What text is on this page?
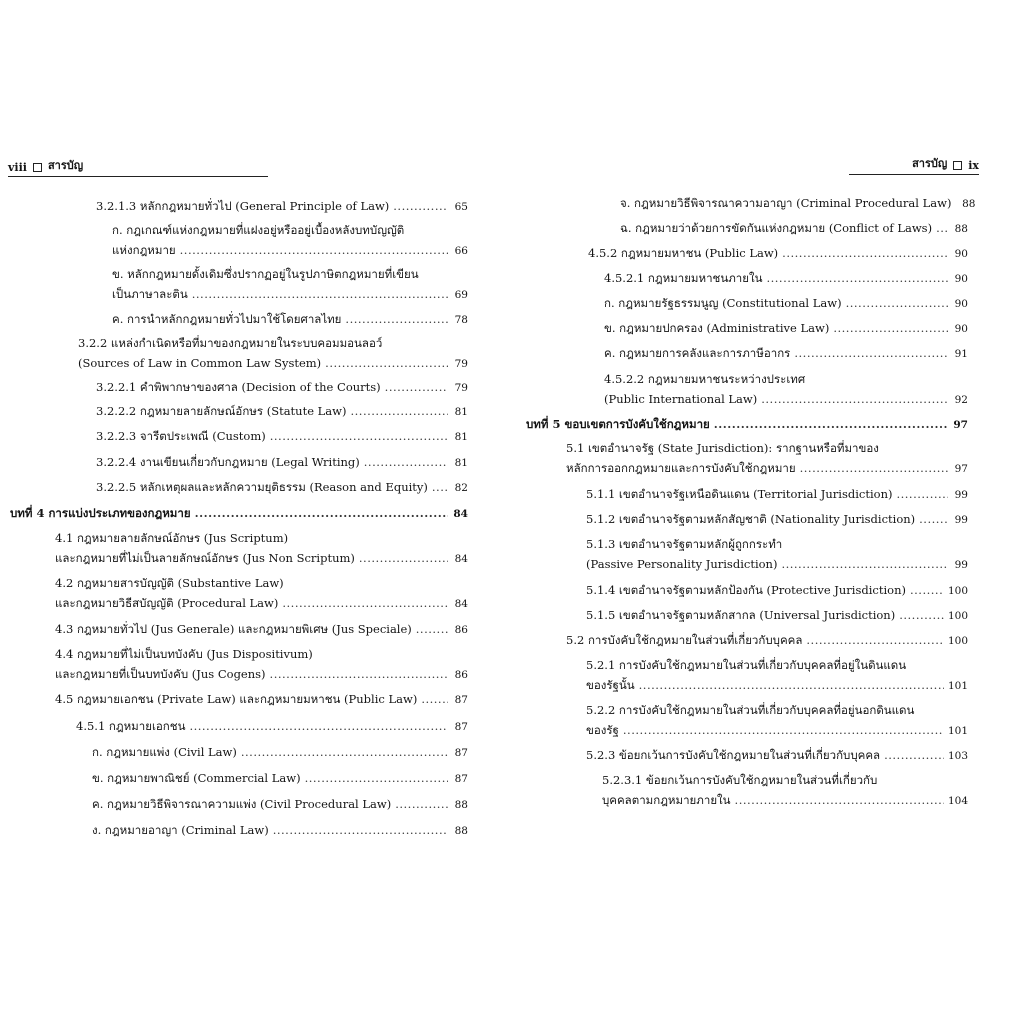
viii สารบัญ
3.2.1.3 หลักกฎหมายทั่วไป (General Principle of Law) .....	65
ก. กฎเกณฑ์แห่งกฎหมายที่แฝงอยู่หรืออยู่เบื้องหลังบทบัญญัติ
แห่งกฎหมาย .....	66
ข. หลักกฎหมายดั้งเดิมซึ่งปรากฏอยู่ในรูปภาษิตกฎหมายที่เขียน
เป็นภาษาละติน .....	69
ค. การนำหลักกฎหมายทั่วไปมาใช้โดยศาลไทย .....	78
3.2.2 แหล่งกำเนิดหรือที่มาของกฎหมายในระบบคอมมอนลอว์
(Sources of Law in Common Law System) .....	79
3.2.2.1 คำพิพากษาของศาล (Decision of the Courts) .....	79
3.2.2.2 กฎหมายลายลักษณ์อักษร (Statute Law) .....	81
3.2.2.3 จารีตประเพณี (Custom) .....	81
3.2.2.4 งานเขียนเกี่ยวกับกฎหมาย (Legal Writing) .....	81
3.2.2.5 หลักเหตุผลและหลักความยุติธรรม (Reason and Equity) .....	82
บทที่ 4 การแบ่งประเภทของกฎหมาย .....	84
4.1 กฎหมายลายลักษณ์อักษร (Jus Scriptum)
และกฎหมายที่ไม่เป็นลายลักษณ์อักษร (Jus Non Scriptum) .....	84
4.2 กฎหมายสารบัญญัติ (Substantive Law)
และกฎหมายวิธีสบัญญัติ (Procedural Law) .....	84
4.3 กฎหมายทั่วไป (Jus Generale) และกฎหมายพิเศษ (Jus Speciale) .....	86
4.4 กฎหมายที่ไม่เป็นบทบังคับ (Jus Dispositivum)
และกฎหมายที่เป็นบทบังคับ (Jus Cogens) .....	86
4.5 กฎหมายเอกชน (Private Law) และกฎหมายมหาชน (Public Law) .....	87
4.5.1 กฎหมายเอกชน .....	87
ก. กฎหมายแพ่ง (Civil Law) .....	87
ข. กฎหมายพาณิชย์ (Commercial Law) .....	87
ค. กฎหมายวิธีพิจารณาความแพ่ง (Civil Procedural Law) .....	88
ง. กฎหมายอาญา (Criminal Law) .....	88
สารบัญ ix
จ. กฎหมายวิธีพิจารณาความอาญา (Criminal Procedural Law) 88
ฉ. กฎหมายว่าด้วยการขัดกันแห่งกฎหมาย (Conflict of Laws) ..... 88
4.5.2 กฎหมายมหาชน (Public Law) .....	90
4.5.2.1 กฎหมายมหาชนภายใน .....	90
ก. กฎหมายรัฐธรรมนูญ (Constitutional Law) .....	90
ข. กฎหมายปกครอง (Administrative Law) .....	90
ค. กฎหมายการคลังและการภาษีอากร .....	91
4.5.2.2 กฎหมายมหาชนระหว่างประเทศ
(Public International Law) .....	92
บทที่ 5 ขอบเขตการบังคับใช้กฎหมาย .....	97
5.1 เขตอำนาจรัฐ (State Jurisdiction): รากฐานหรือที่มาของ
หลักการออกกฎหมายและการบังคับใช้กฎหมาย .....	97
5.1.1 เขตอำนาจรัฐเหนือดินแดน (Territorial Jurisdiction) .....	99
5.1.2 เขตอำนาจรัฐตามหลักสัญชาติ (Nationality Jurisdiction) .....	99
5.1.3 เขตอำนาจรัฐตามหลักผู้ถูกกระทำ
(Passive Personality Jurisdiction) .....	99
5.1.4 เขตอำนาจรัฐตามหลักป้องกัน (Protective Jurisdiction) .....	100
5.1.5 เขตอำนาจรัฐตามหลักสากล (Universal Jurisdiction) .....	100
5.2 การบังคับใช้กฎหมายในส่วนที่เกี่ยวกับบุคคล .....	100
5.2.1 การบังคับใช้กฎหมายในส่วนที่เกี่ยวกับบุคคลที่อยู่ในดินแดน
ของรัฐนั้น .....	101
5.2.2 การบังคับใช้กฎหมายในส่วนที่เกี่ยวกับบุคคลที่อยู่นอกดินแดน
ของรัฐ .....	101
5.2.3 ข้อยกเว้นการบังคับใช้กฎหมายในส่วนที่เกี่ยวกับบุคคล .....	103
5.2.3.1 ข้อยกเว้นการบังคับใช้กฎหมายในส่วนที่เกี่ยวกับ
บุคคลตามกฎหมายภายใน .....	104
